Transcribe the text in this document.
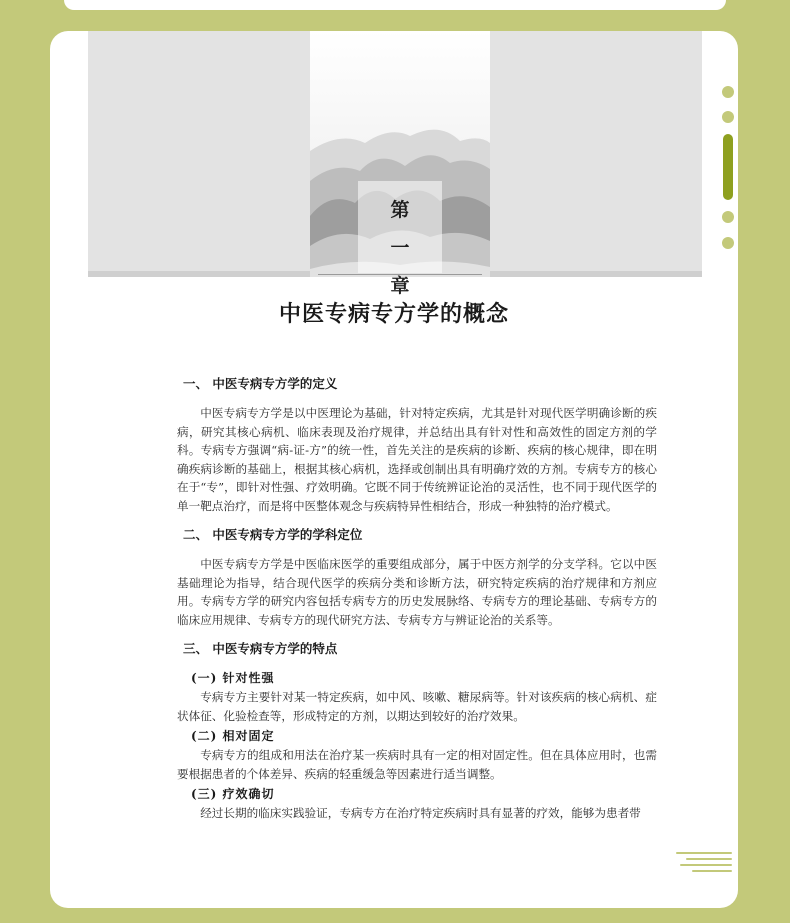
第
一
章
中医专病专方学的概念
一、 中医专病专方学的定义

中医专病专方学是以中医理论为基础，针对特定疾病，尤其是针对现代医学明确诊断的疾病，研究其核心病机、临床表现及治疗规律，并总结出具有针对性和高效性的固定方剂的学科。专病专方强调“病-证-方”的统一性，首先关注的是疾病的诊断、疾病的核心规律，即在明确疾病诊断的基础上，根据其核心病机，选择或创制出具有明确疗效的方剂。专病专方的核心在于“专”，即针对性强、疗效明确。它既不同于传统辨证论治的灵活性，也不同于现代医学的单一靶点治疗，而是将中医整体观念与疾病特异性相结合，形成一种独特的治疗模式。

二、 中医专病专方学的学科定位

中医专病专方学是中医临床医学的重要组成部分，属于中医方剂学的分支学科。它以中医基础理论为指导，结合现代医学的疾病分类和诊断方法，研究特定疾病的治疗规律和方剂应用。专病专方学的研究内容包括专病专方的历史发展脉络、专病专方的理论基础、专病专方的临床应用规律、专病专方的现代研究方法、专病专方与辨证论治的关系等。

三、 中医专病专方学的特点
(一) 针对性强

专病专方主要针对某一特定疾病，如中风、咳嗽、糖尿病等。针对该疾病的核心病机、症状体征、化验检查等，形成特定的方剂，以期达到较好的治疗效果。

(二) 相对固定

专病专方的组成和用法在治疗某一疾病时具有一定的相对固定性。但在具体应用时，也需要根据患者的个体差异、疾病的轻重缓急等因素进行适当调整。

(三) 疗效确切

经过长期的临床实践验证，专病专方在治疗特定疾病时具有显著的疗效，能够为患者带
